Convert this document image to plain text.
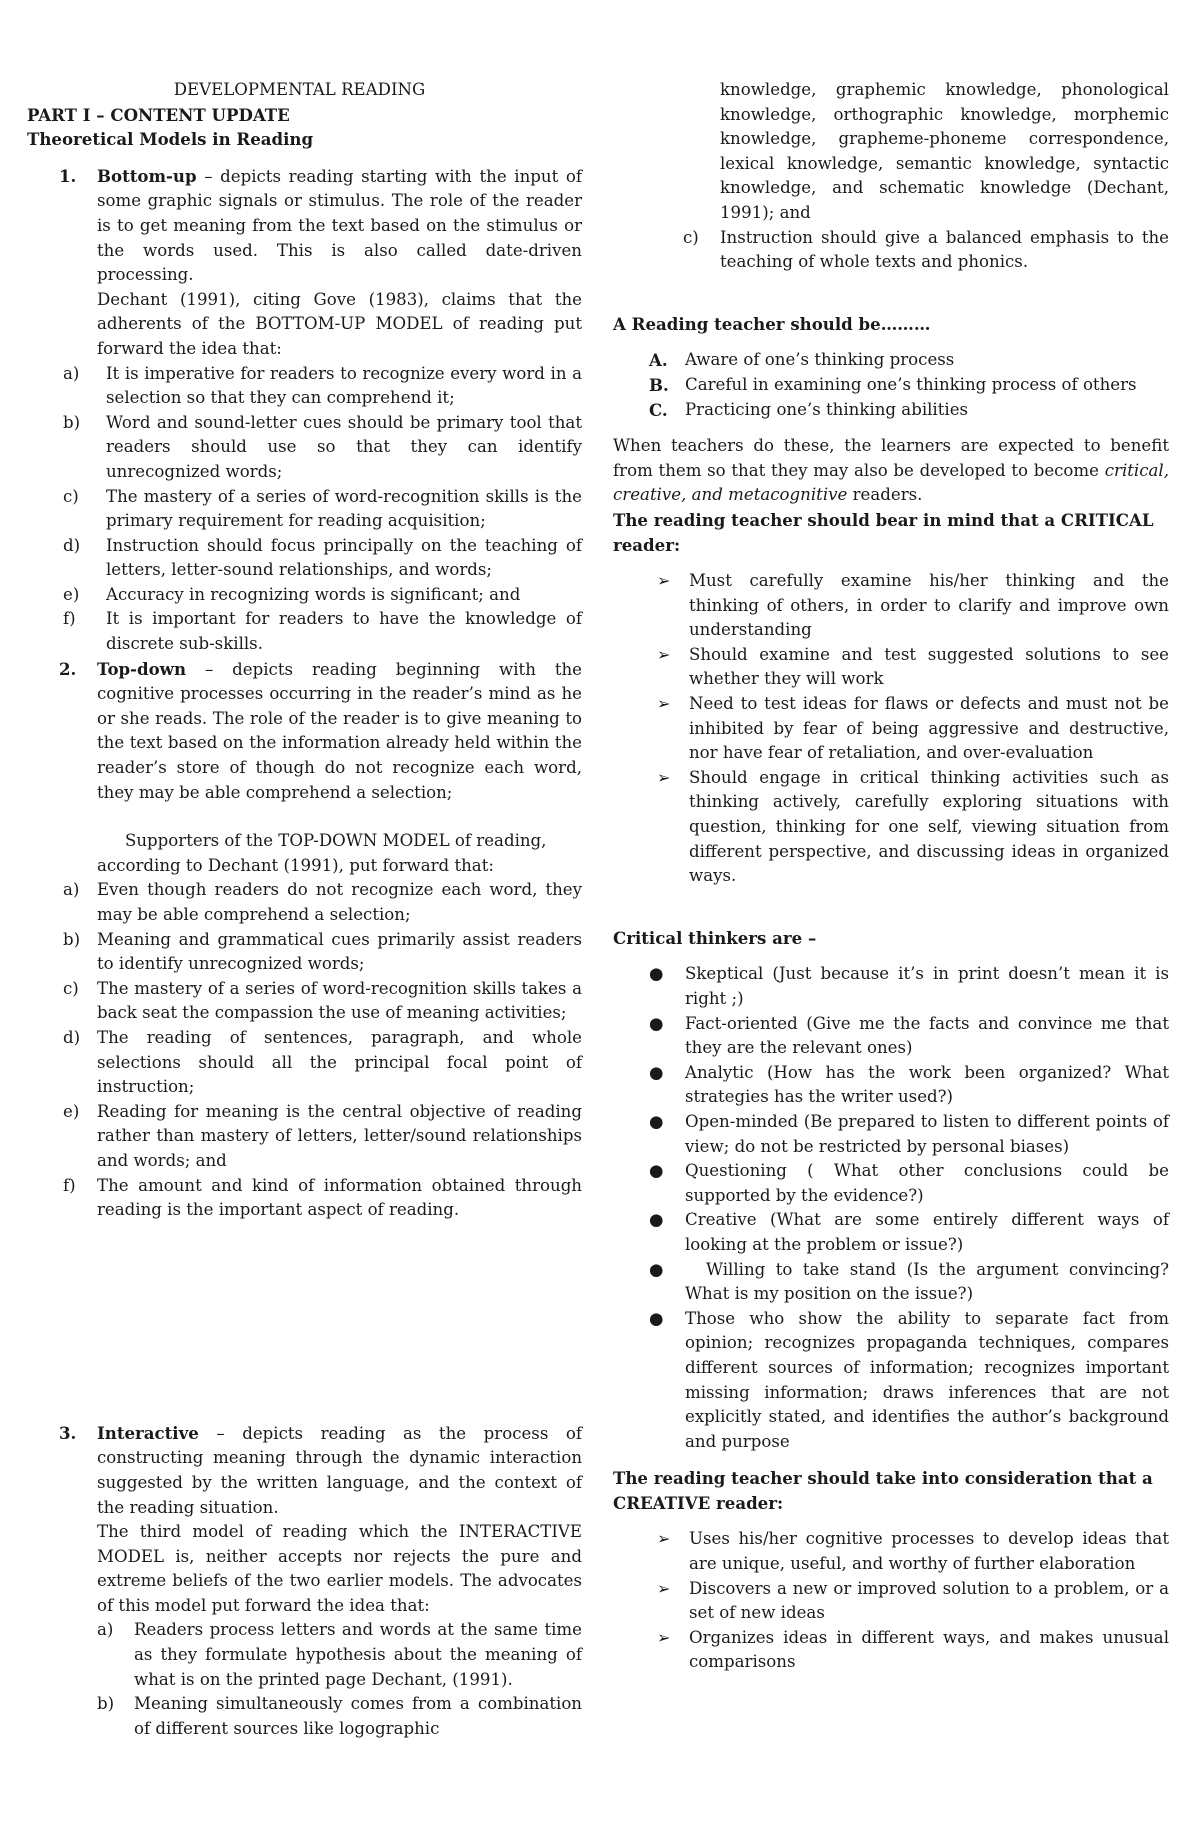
DEVELOPMENTAL READING

PART I – CONTENT UPDATE

Theoretical Models in Reading

1. Bottom-up – depicts reading starting with the input of some graphic signals or stimulus. The role of the reader is to get meaning from the text based on the stimulus or the words used. This is also called date-driven processing.

Dechant (1991), citing Gove (1983), claims that the adherents of the BOTTOM-UP MODEL of reading put forward the idea that:

a) It is imperative for readers to recognize every word in a selection so that they can comprehend it;
b) Word and sound-letter cues should be primary tool that readers should use so that they can identify unrecognized words;
c) The mastery of a series of word-recognition skills is the primary requirement for reading acquisition;
d) Instruction should focus principally on the teaching of letters, letter-sound relationships, and words;
e) Accuracy in recognizing words is significant; and
f) It is important for readers to have the knowledge of discrete sub-skills.
2. Top-down – depicts reading beginning with the cognitive processes occurring in the reader’s mind as he or she reads. The role of the reader is to give meaning to the text based on the information already held within the reader’s store of though do not recognize each word, they may be able comprehend a selection;

Supporters of the TOP-DOWN MODEL of reading, according to Dechant (1991), put forward that:

a) Even though readers do not recognize each word, they may be able comprehend a selection;
b) Meaning and grammatical cues primarily assist readers to identify unrecognized words;
c) The mastery of a series of word-recognition skills takes a back seat the compassion the use of meaning activities;
d) The reading of sentences, paragraph, and whole selections should all the principal focal point of instruction;
e) Reading for meaning is the central objective of reading rather than mastery of letters, letter/sound relationships and words; and
f) The amount and kind of information obtained through reading is the important aspect of reading.
3. Interactive – depicts reading as the process of constructing meaning through the dynamic interaction suggested by the written language, and the context of the reading situation.

The third model of reading which the INTERACTIVE MODEL is, neither accepts nor rejects the pure and extreme beliefs of the two earlier models. The advocates of this model put forward the idea that:

a) Readers process letters and words at the same time as they formulate hypothesis about the meaning of what is on the printed page Dechant, (1991).
b) Meaning simultaneously comes from a combination of different sources like logographic

knowledge, graphemic knowledge, phonological knowledge, orthographic knowledge, morphemic knowledge, grapheme-phoneme correspondence, lexical knowledge, semantic knowledge, syntactic knowledge, and schematic knowledge (Dechant, 1991); and

c) Instruction should give a balanced emphasis to the teaching of whole texts and phonics.

A Reading teacher should be………

A. Aware of one’s thinking process
B. Careful in examining one’s thinking process of others
C. Practicing one’s thinking abilities

When teachers do these, the learners are expected to benefit from them so that they may also be developed to become critical, creative, and metacognitive readers.

The reading teacher should bear in mind that a CRITICAL reader:

➢ Must carefully examine his/her thinking and the thinking of others, in order to clarify and improve own understanding
➢ Should examine and test suggested solutions to see whether they will work
➢ Need to test ideas for flaws or defects and must not be inhibited by fear of being aggressive and destructive, nor have fear of retaliation, and over-evaluation
➢ Should engage in critical thinking activities such as thinking actively, carefully exploring situations with question, thinking for one self, viewing situation from different perspective, and discussing ideas in organized ways.

Critical thinkers are –

● Skeptical (Just because it’s in print doesn’t mean it is right ;)
● Fact-oriented (Give me the facts and convince me that they are the relevant ones)
● Analytic (How has the work been organized? What strategies has the writer used?)
● Open-minded (Be prepared to listen to different points of view; do not be restricted by personal biases)
● Questioning ( What other conclusions could be supported by the evidence?)
● Creative (What are some entirely different ways of looking at the problem or issue?)
● Willing to take stand (Is the argument convincing? What is my position on the issue?)
● Those who show the ability to separate fact from opinion; recognizes propaganda techniques, compares different sources of information; recognizes important missing information; draws inferences that are not explicitly stated, and identifies the author’s background and purpose

The reading teacher should take into consideration that a CREATIVE reader:

➢ Uses his/her cognitive processes to develop ideas that are unique, useful, and worthy of further elaboration
➢ Discovers a new or improved solution to a problem, or a set of new ideas
➢ Organizes ideas in different ways, and makes unusual comparisons
